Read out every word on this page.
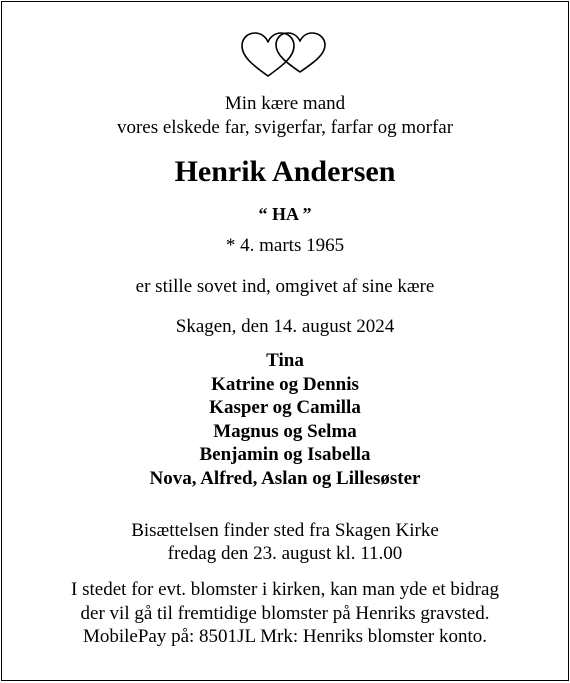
Min kære mand
vores elskede far, svigerfar, farfar og morfar
Henrik Andersen
“ HA ”
* 4. marts 1965
er stille sovet ind, omgivet af sine kære
Skagen, den 14. august 2024
Tina
Katrine og Dennis
Kasper og Camilla
Magnus og Selma
Benjamin og Isabella
Nova, Alfred, Aslan og Lillesøster
Bisættelsen finder sted fra Skagen Kirke
fredag den 23. august kl. 11.00
I stedet for evt. blomster i kirken, kan man yde et bidrag
der vil gå til fremtidige blomster på Henriks gravsted.
MobilePay på: 8501JL Mrk: Henriks blomster konto.
